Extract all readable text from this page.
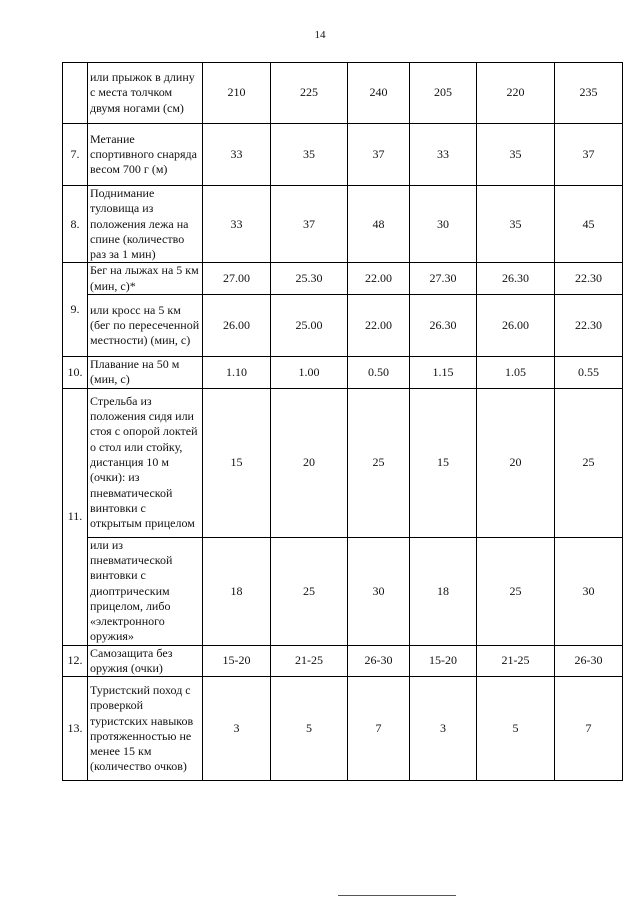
14
	или прыжок в длину с места толчком двумя ногами (см)	210	225	240	205	220	235
7.	Метание спортивного снаряда весом 700 г (м)	33	35	37	33	35	37
8.	Поднимание туловища из положения лежа на спине (количество раз за 1 мин)	33	37	48	30	35	45
9.	Бег на лыжах на 5 км (мин, с)*	27.00	25.30	22.00	27.30	26.30	22.30
	или кросс на 5 км (бег по пересеченной местности) (мин, с)	26.00	25.00	22.00	26.30	26.00	22.30
10.	Плавание на 50 м (мин, с)	1.10	1.00	0.50	1.15	1.05	0.55
11.	Стрельба из положения сидя или стоя с опорой локтей о стол или стойку, дистанция 10 м (очки): из пневматической винтовки с открытым прицелом	15	20	25	15	20	25
	или из пневматической винтовки с диоптрическим прицелом, либо «электронного оружия»	18	25	30	18	25	30
12.	Самозащита без оружия (очки)	15-20	21-25	26-30	15-20	21-25	26-30
13.	Туристский поход с проверкой туристских навыков протяженностью не менее 15 км (количество очков)	3	5	7	3	5	7
